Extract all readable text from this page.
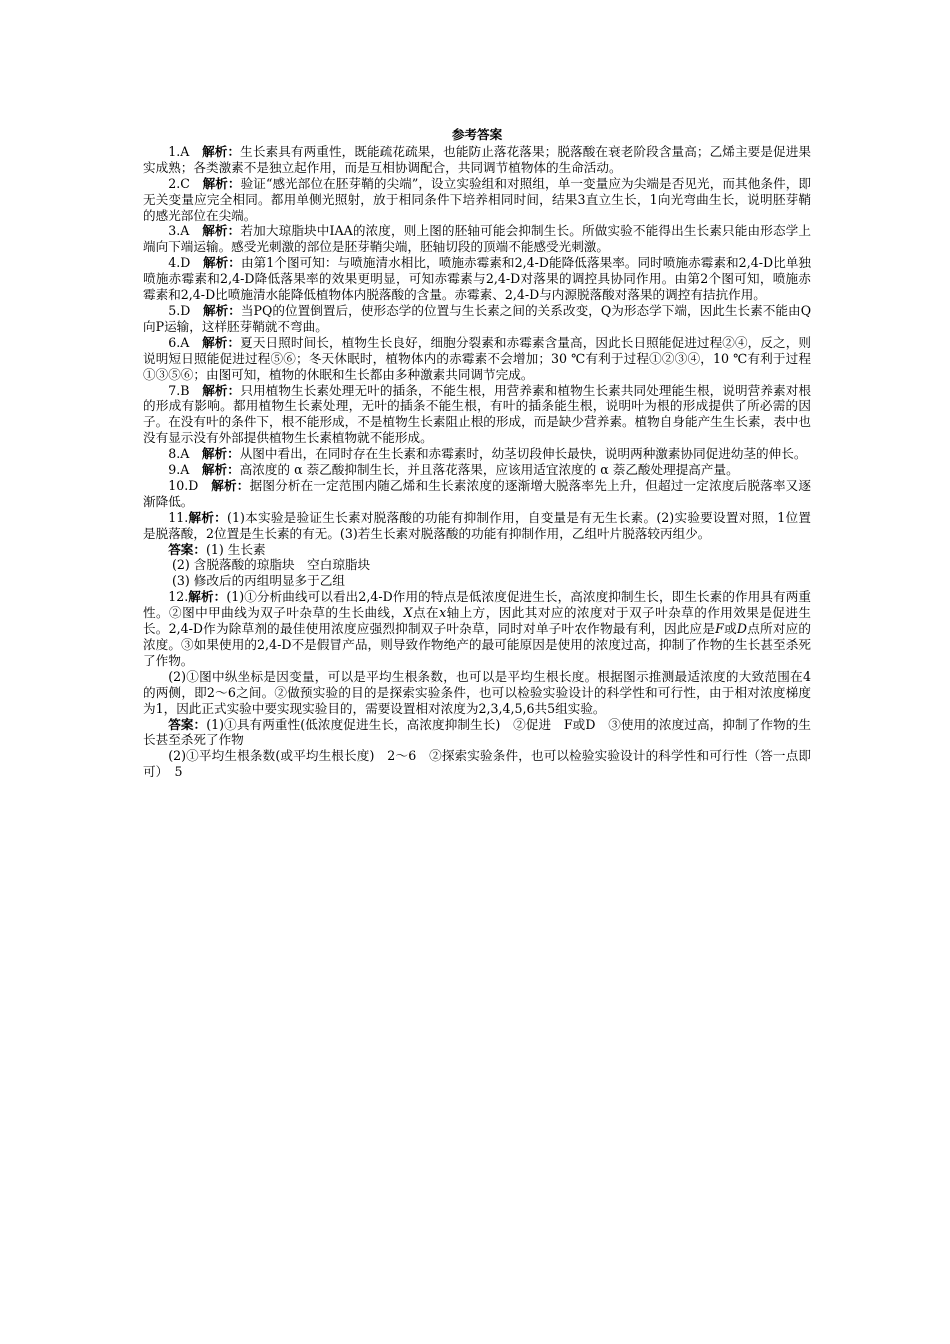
参考答案

1.A　 解析：生长素具有两重性，既能疏花疏果，也能防止落花落果；脱落酸在衰老阶段含量高；乙烯主要是促进果实成熟；各类激素不是独立起作用，而是互相协调配合，共同调节植物体的生命活动。

2.C　 解析：验证“感光部位在胚芽鞘的尖端”，设立实验组和对照组，单一变量应为尖端是否见光，而其他条件，即无关变量应完全相同。都用单侧光照射，放于相同条件下培养相同时间，结果3直立生长，1向光弯曲生长，说明胚芽鞘的感光部位在尖端。

3.A　 解析：若加大琼脂块中IAA的浓度，则上图的胚轴可能会抑制生长。所做实验不能得出生长素只能由形态学上端向下端运输。感受光刺激的部位是胚芽鞘尖端，胚轴切段的顶端不能感受光刺激。

4.D　 解析：由第1个图可知：与喷施清水相比，喷施赤霉素和2,4-D能降低落果率。同时喷施赤霉素和2,4-D比单独喷施赤霉素和2,4-D降低落果率的效果更明显，可知赤霉素与2,4-D对落果的调控具协同作用。由第2个图可知，喷施赤霉素和2,4-D比喷施清水能降低植物体内脱落酸的含量。赤霉素、2,4-D与内源脱落酸对落果的调控有拮抗作用。

5.D　 解析：当PQ的位置倒置后，使形态学的位置与生长素之间的关系改变，Q为形态学下端，因此生长素不能由Q向P运输，这样胚芽鞘就不弯曲。

6.A　 解析：夏天日照时间长，植物生长良好，细胞分裂素和赤霉素含量高，因此长日照能促进过程②④，反之，则说明短日照能促进过程⑤⑥；冬天休眠时，植物体内的赤霉素不会增加；30 ℃有利于过程①②③④，10 ℃有利于过程①③⑤⑥；由图可知，植物的休眠和生长都由多种激素共同调节完成。

7.B　 解析：只用植物生长素处理无叶的插条，不能生根，用营养素和植物生长素共同处理能生根，说明营养素对根的形成有影响。都用植物生长素处理，无叶的插条不能生根，有叶的插条能生根，说明叶为根的形成提供了所必需的因子。在没有叶的条件下，根不能形成，不是植物生长素阻止根的形成，而是缺少营养素。植物自身能产生生长素，表中也没有显示没有外部提供植物生长素植物就不能形成。

8.A　 解析：从图中看出，在同时存在生长素和赤霉素时，幼茎切段伸长最快，说明两种激素协同促进幼茎的伸长。

9.A　 解析：高浓度的 α 萘乙酸抑制生长，并且落花落果，应该用适宜浓度的 α 萘乙酸处理提高产量。

10.D　 解析：据图分析在一定范围内随乙烯和生长素浓度的逐渐增大脱落率先上升，但超过一定浓度后脱落率又逐渐降低。

11.解析：(1)本实验是验证生长素对脱落酸的功能有抑制作用，自变量是有无生长素。(2)实验要设置对照，1位置是脱落酸，2位置是生长素的有无。(3)若生长素对脱落酸的功能有抑制作用，乙组叶片脱落较丙组少。

答案：(1) 生长素

(2) 含脱落酸的琼脂块　空白琼脂块

(3) 修改后的丙组明显多于乙组

12.解析：(1)①分析曲线可以看出2,4-D作用的特点是低浓度促进生长，高浓度抑制生长，即生长素的作用具有两重性。②图中甲曲线为双子叶杂草的生长曲线，X点在x轴上方，因此其对应的浓度对于双子叶杂草的作用效果是促进生长。2,4-D作为除草剂的最佳使用浓度应强烈抑制双子叶杂草，同时对单子叶农作物最有利，因此应是F或D点所对应的浓度。③如果使用的2,4-D不是假冒产品，则导致作物绝产的最可能原因是使用的浓度过高，抑制了作物的生长甚至杀死了作物。

(2)①图中纵坐标是因变量，可以是平均生根条数，也可以是平均生根长度。根据图示推测最适浓度的大致范围在4的两侧，即2～6之间。②做预实验的目的是探索实验条件，也可以检验实验设计的科学性和可行性，由于相对浓度梯度为1，因此正式实验中要实现实验目的，需要设置相对浓度为2,3,4,5,6共5组实验。

答案：(1)①具有两重性(低浓度促进生长，高浓度抑制生长)　②促进　F或D　③使用的浓度过高，抑制了作物的生长甚至杀死了作物

(2)①平均生根条数(或平均生根长度)　2～6　②探索实验条件，也可以检验实验设计的科学性和可行性（答一点即可）　5
